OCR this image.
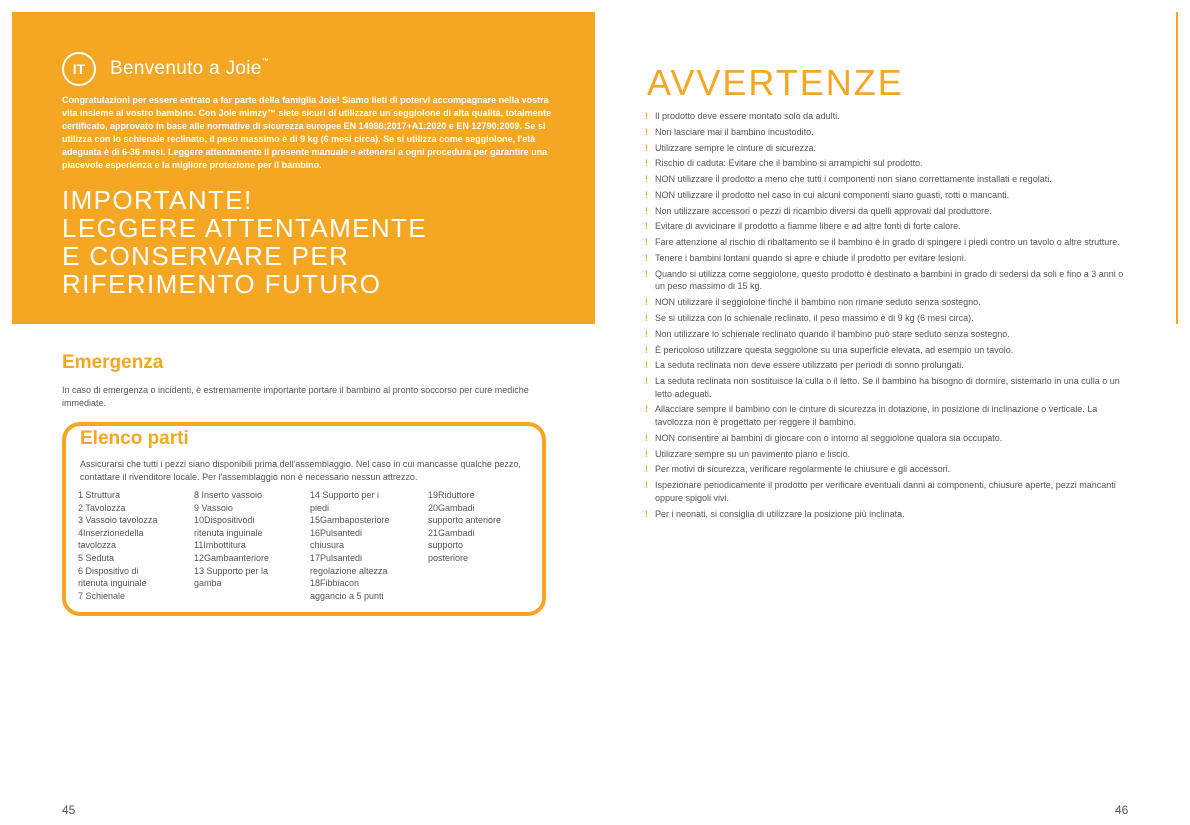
IT	Benvenuto a Joie™

Congratulazioni per essere entrato a far parte della famiglia Joie! Siamo lieti di potervi accompagnare nella vostra vita insieme al vostro bambino. Con Joie mimzy™ siete sicuri di utilizzare un seggiolone di alta qualità, totalmente certificato, approvato in base alle normative di sicurezza europee EN 14988:2017+A1:2020 e EN 12790:2009. Se si utilizza con lo schienale reclinato, il peso massimo è di 9 kg (6 mesi circa). Se si utilizza come seggiolone, l'età adeguata è di 6-36 mesi. Leggere attentamente il presente manuale e attenersi a ogni procedura per garantire una piacevole esperienza e la migliore protezione per il bambino.

IMPORTANTE!
LEGGERE ATTENTAMENTE
E CONSERVARE PER
RIFERIMENTO FUTURO
Emergenza

In caso di emergenza o incidenti, è estremamente importante portare il bambino al pronto soccorso per cure mediche immediate.

Elenco parti

Assicurarsi che tutti i pezzi siano disponibili prima dell'assemblaggio. Nel caso in cui mancasse qualche pezzo, contattare il rivenditore locale. Per l'assemblaggio non è necessario nessun attrezzo.

1 Struttura
2 Tavolozza
3 Vassoio tavolozza
4Inserzionedella
tavolozza
5 Seduta
6 Dispositivo di
ritenuta inguinale
7 Schienale
8 Inserto vassoio
9 Vassoio
10Dispositivodi
ritenuta inguinale
11Imbottitura
12Gambaanteriore
13 Supporto per la
gamba
14 Supporto per i
piedi
15Gambaposteriore
16Pulsantedi
chiusura
17Pulsantedi
regolazione altezza
18Fibbiacon
aggancio a 5 punti
19Riduttore
20Gambadi
supporto anteriore
21Gambadi
supporto
posteriore
45
AVVERTENZE
! Il prodotto deve essere montato solo da adulti.
! Non lasciare mai il bambino incustodito.
! Utilizzare sempre le cinture di sicurezza.
! Rischio di caduta: Evitare che il bambino si arrampichi sul prodotto.
! NON utilizzare il prodotto a meno che tutti i componenti non siano correttamente installati e regolati.
! NON utilizzare il prodotto nel caso in cui alcuni componenti siano guasti, rotti o mancanti.
! Non utilizzare accessori o pezzi di ricambio diversi da quelli approvati dal produttore.
! Evitare di avvicinare il prodotto a fiamme libere e ad altre fonti di forte calore.
! Fare attenzione al rischio di ribaltamento se il bambino è in grado di spingere i piedi contro un tavolo o altre strutture.
! Tenere i bambini lontani quando si apre e chiude il prodotto per evitare lesioni.
! Quando si utilizza come seggiolone, questo prodotto è destinato a bambini in grado di sedersi da soli e fino a 3 anni o un peso massimo di 15 kg.
! NON utilizzare il seggiolone finché il bambino non rimane seduto senza sostegno.
! Se si utilizza con lo schienale reclinato, il peso massimo è di 9 kg (6 mesi circa).
! Non utilizzare lo schienale reclinato quando il bambino può stare seduto senza sostegno.
! È pericoloso utilizzare questa seggiolone su una superficie elevata, ad esempio un tavolo.
! La seduta reclinata non deve essere utilizzato per periodi di sonno prolungati.
! La seduta reclinata non sostituisce la culla o il letto. Se il bambino ha bisogno di dormire, sistemarlo in una culla o un letto adeguati.
! Allacciare sempre il bambino con le cinture di sicurezza in dotazione, in posizione di inclinazione o verticale. La tavolozza non è progettato per reggere il bambino.
! NON consentire ai bambini di giocare con o intorno al seggiolone qualora sia occupato.
! Utilizzare sempre su un pavimento piano e liscio.
! Per motivi di sicurezza, verificare regolarmente le chiusure e gli accessori.
! Ispezionare periodicamente il prodotto per verificare eventuali danni ai componenti, chiusure aperte, pezzi mancanti oppure spigoli vivi.
! Per i neonati, si consiglia di utilizzare la posizione più inclinata.
46
